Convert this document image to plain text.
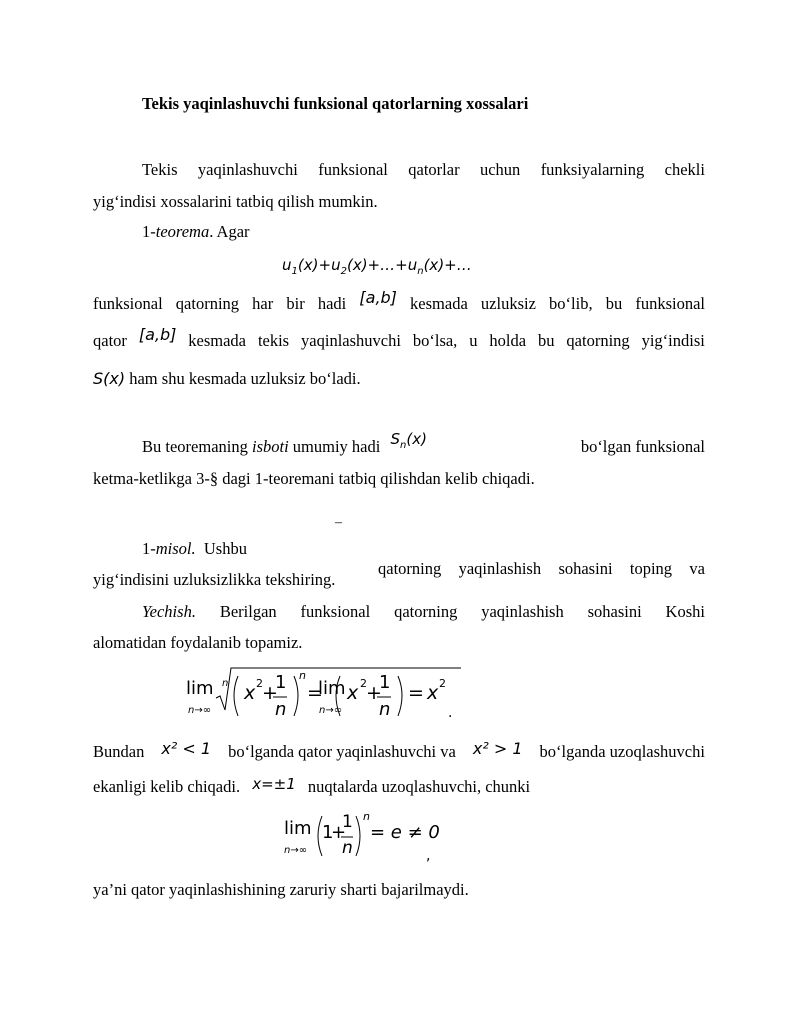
Tekis yaqinlashuvchi funksional qatorlarning xossalari
Tekis yaqinlashuvchi funksional qatorlar uchun funksiyalarning chekli
yig‘indisi xossalarini tatbiq qilish mumkin.
1-teorema. Agar
$u_1(x)+u_2(x)+\dots+u_n(x)+\dots$
funksional qatorning har bir hadi [a,b] kesmada uzluksiz bo‘lib, bu funksional
qator [a,b] kesmada tekis yaqinlashuvchi bo‘lsa, u holda bu qatorning yig‘indisi
S(x) ham shu kesmada uzluksiz bo‘ladi.
Bu teoremaning isboti umumiy hadi $S_n(x)$	bo‘lgan funksional
ketma-ketlikga 3-§ dagi 1-teoremani tatbiq qilishdan kelib chiqadi.
–
1-misol. Ushbu
qatorning yaqinlashish sohasini toping va
yig‘indisini uzluksizlikka tekshiring.
Yechish. Berilgan funksional qatorning yaqinlashish sohasini Koshi
alomatidan foydalanib topamiz.
lim
n→∞
n x 2 +
1
n
n
=
lim
n→∞
x 2 +
1
n
= x 2
.
Bundan x² < 1 bo‘lganda qator yaqinlashuvchi va x² > 1 bo‘lganda uzoqlashuvchi
ekanligi kelib chiqadi. x=±1 nuqtalarda uzoqlashuvchi, chunki
lim
n→∞
1
+
1
n
n
= e ≠ 0
,
ya’ni qator yaqinlashishining zaruriy sharti bajarilmaydi.
